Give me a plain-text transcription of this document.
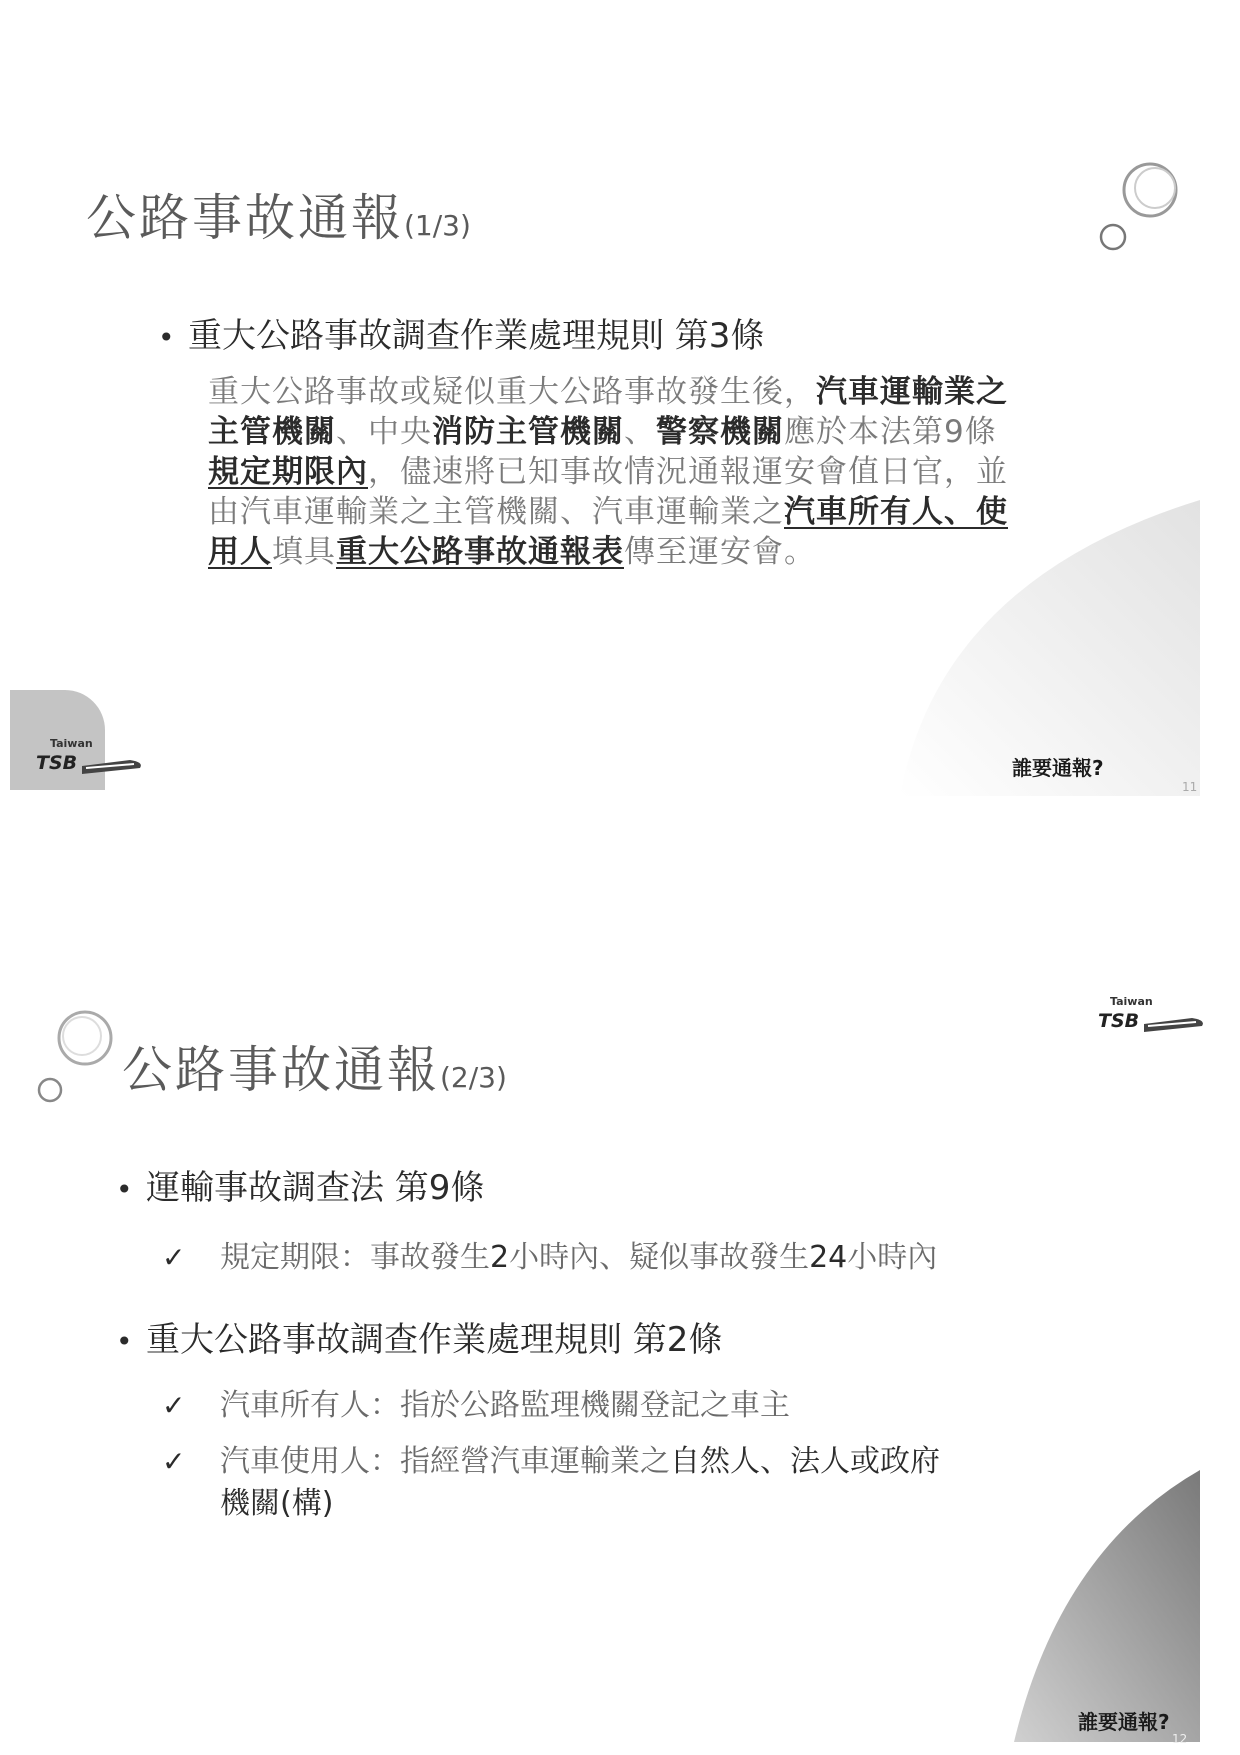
Taiwan
TSB
公路事故通報(1/3)
• 重大公路事故調查作業處理規則 第3條
重大公路事故或疑似重大公路事故發生後，汽車運輸業之主管機關、中央消防主管機關、警察機關應於本法第9條規定期限內，儘速將已知事故情況通報運安會值日官，並由汽車運輸業之主管機關、汽車運輸業之汽車所有人、使用人填具重大公路事故通報表傳至運安會。
誰要通報?
11
Taiwan
TSB
公路事故通報(2/3)
• 運輸事故調查法 第9條
✓ 規定期限：事故發生2小時內、疑似事故發生24小時內
• 重大公路事故調查作業處理規則 第2條
✓ 汽車所有人：指於公路監理機關登記之車主
✓ 汽車使用人：指經營汽車運輸業之自然人、法人或政府
機關(構)
誰要通報?
12
